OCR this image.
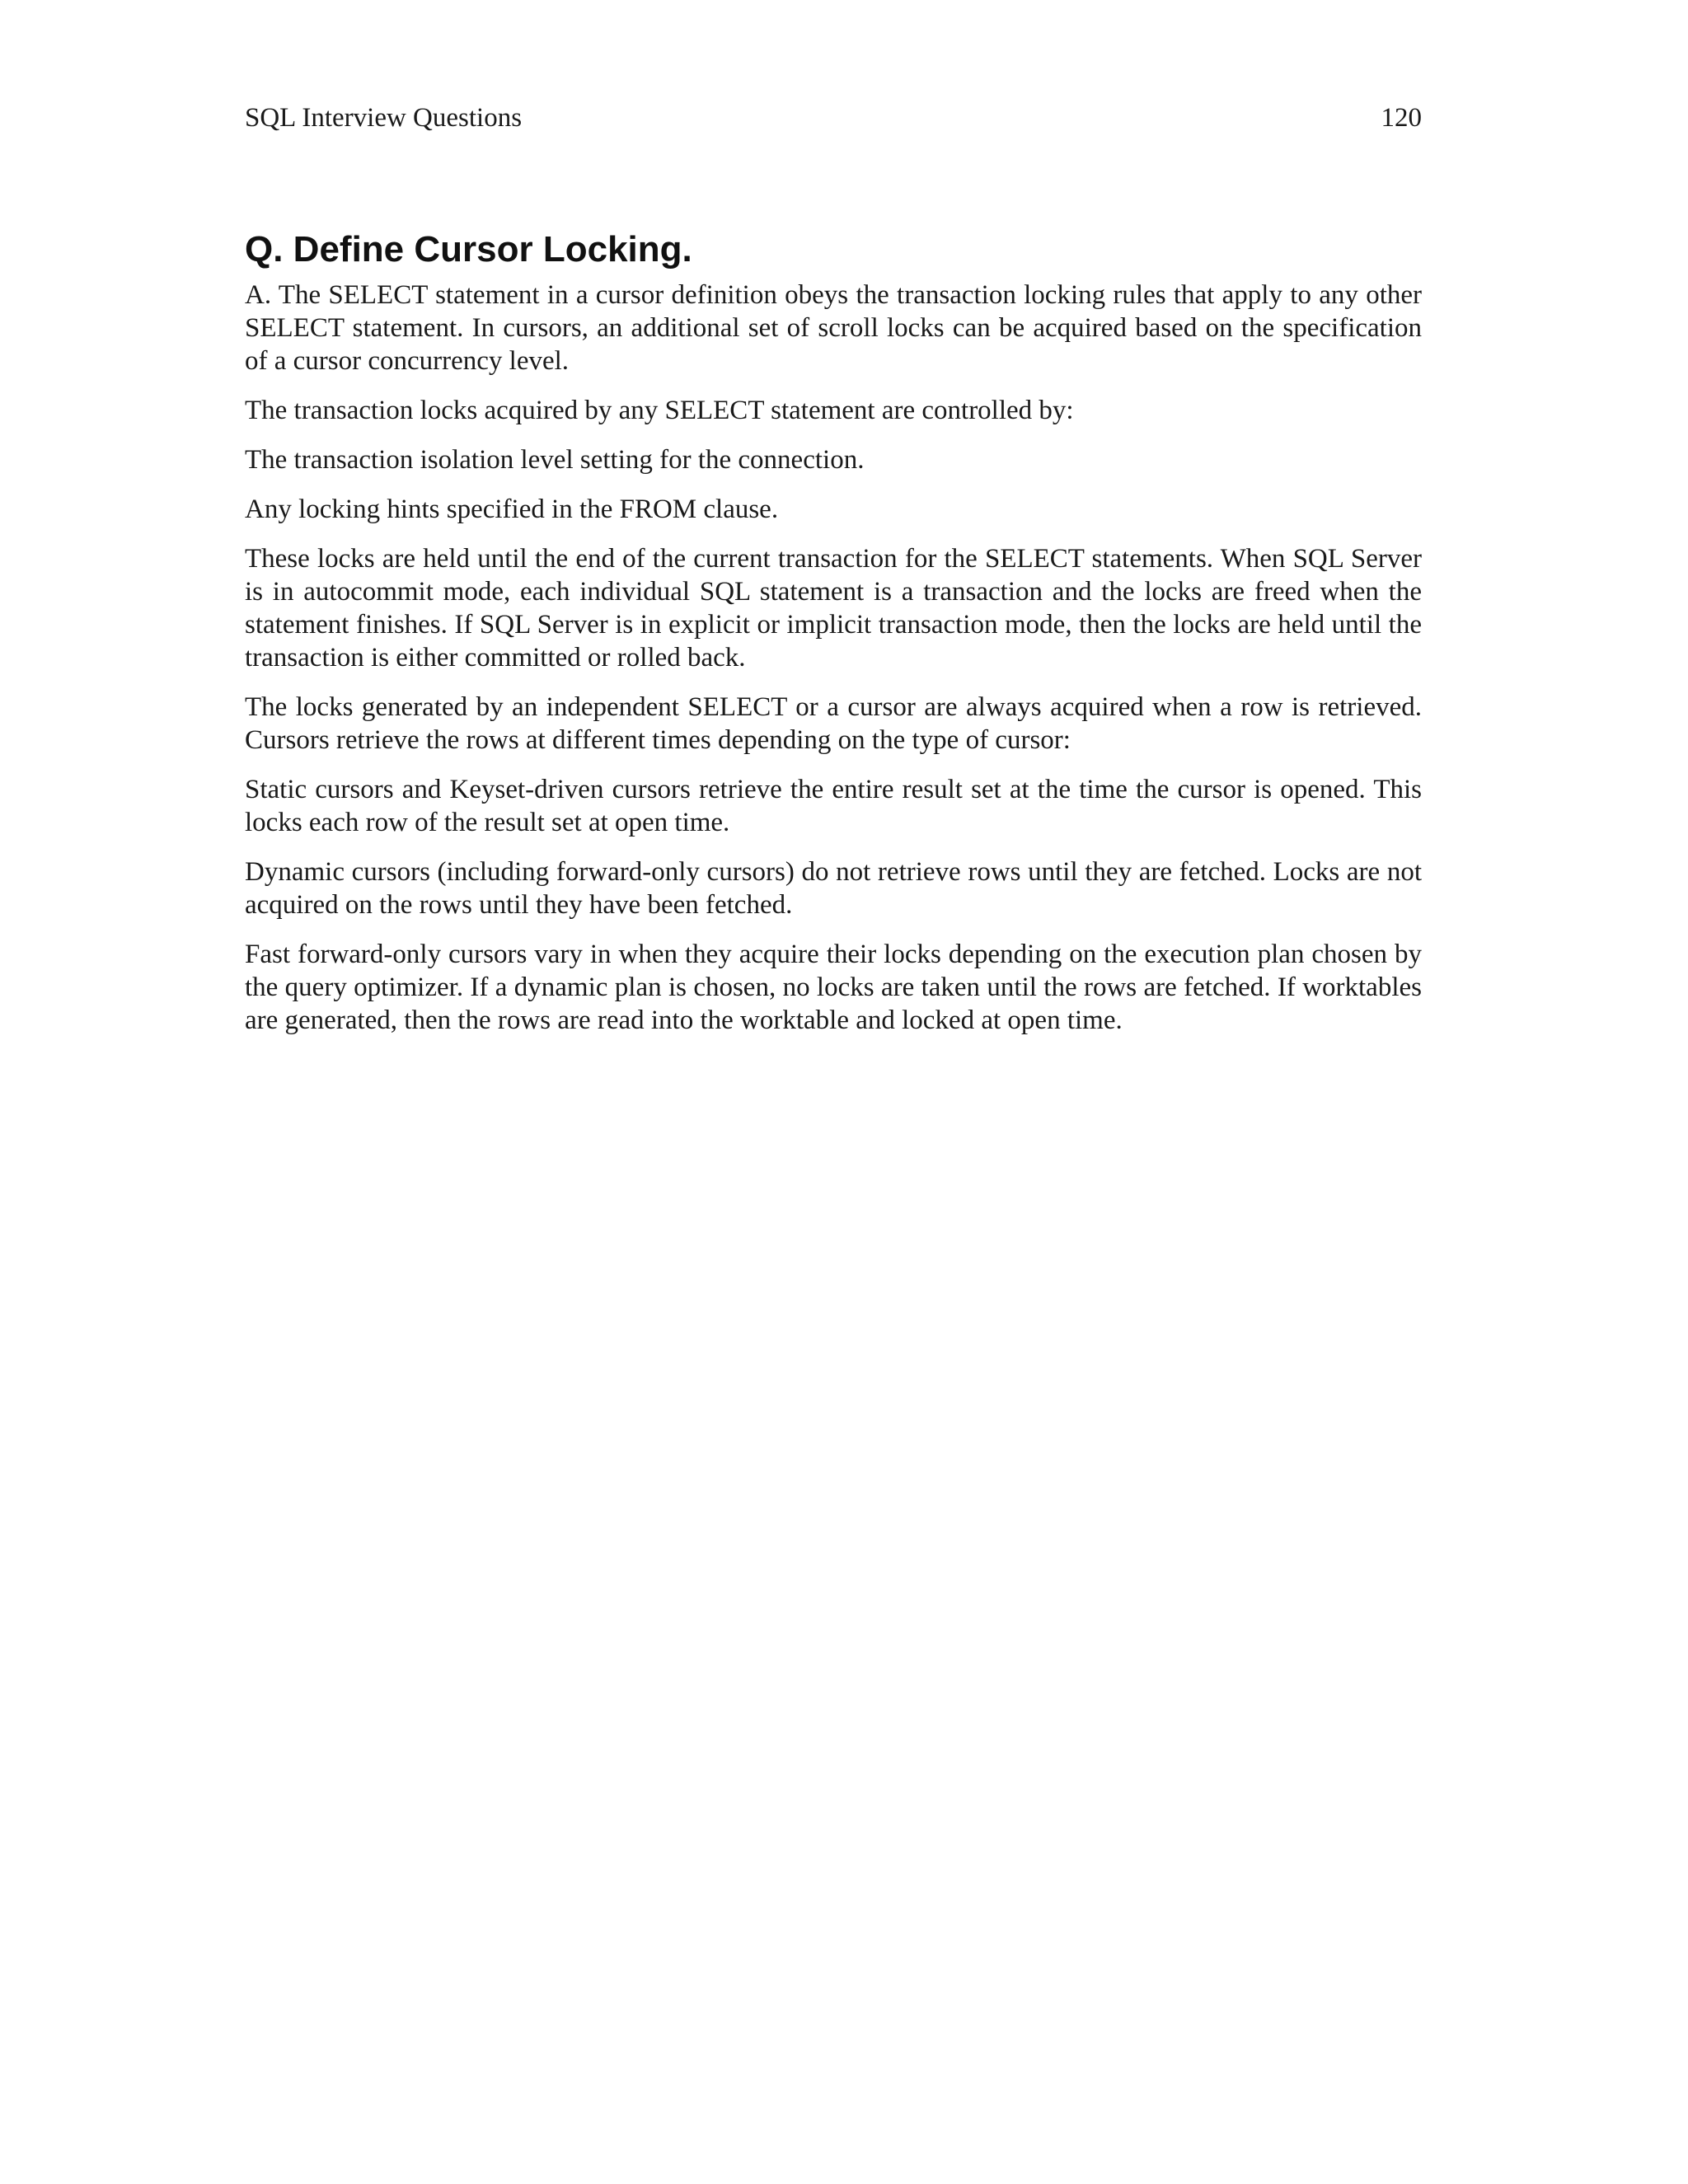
SQL Interview Questions	120
Q. Define Cursor Locking.

A. The SELECT statement in a cursor definition obeys the transaction locking rules that apply to any other SELECT statement. In cursors, an additional set of scroll locks can be acquired based on the specification of a cursor concurrency level.

The transaction locks acquired by any SELECT statement are controlled by:

The transaction isolation level setting for the connection.

Any locking hints specified in the FROM clause.

These locks are held until the end of the current transaction for the SELECT statements. When SQL Server is in autocommit mode, each individual SQL statement is a transaction and the locks are freed when the statement finishes. If SQL Server is in explicit or implicit transaction mode, then the locks are held until the transaction is either committed or rolled back.

The locks generated by an independent SELECT or a cursor are always acquired when a row is retrieved. Cursors retrieve the rows at different times depending on the type of cursor:

Static cursors and Keyset-driven cursors retrieve the entire result set at the time the cursor is opened. This locks each row of the result set at open time.

Dynamic cursors (including forward-only cursors) do not retrieve rows until they are fetched. Locks are not acquired on the rows until they have been fetched.

Fast forward-only cursors vary in when they acquire their locks depending on the execution plan chosen by the query optimizer. If a dynamic plan is chosen, no locks are taken until the rows are fetched. If worktables are generated, then the rows are read into the worktable and locked at open time.
